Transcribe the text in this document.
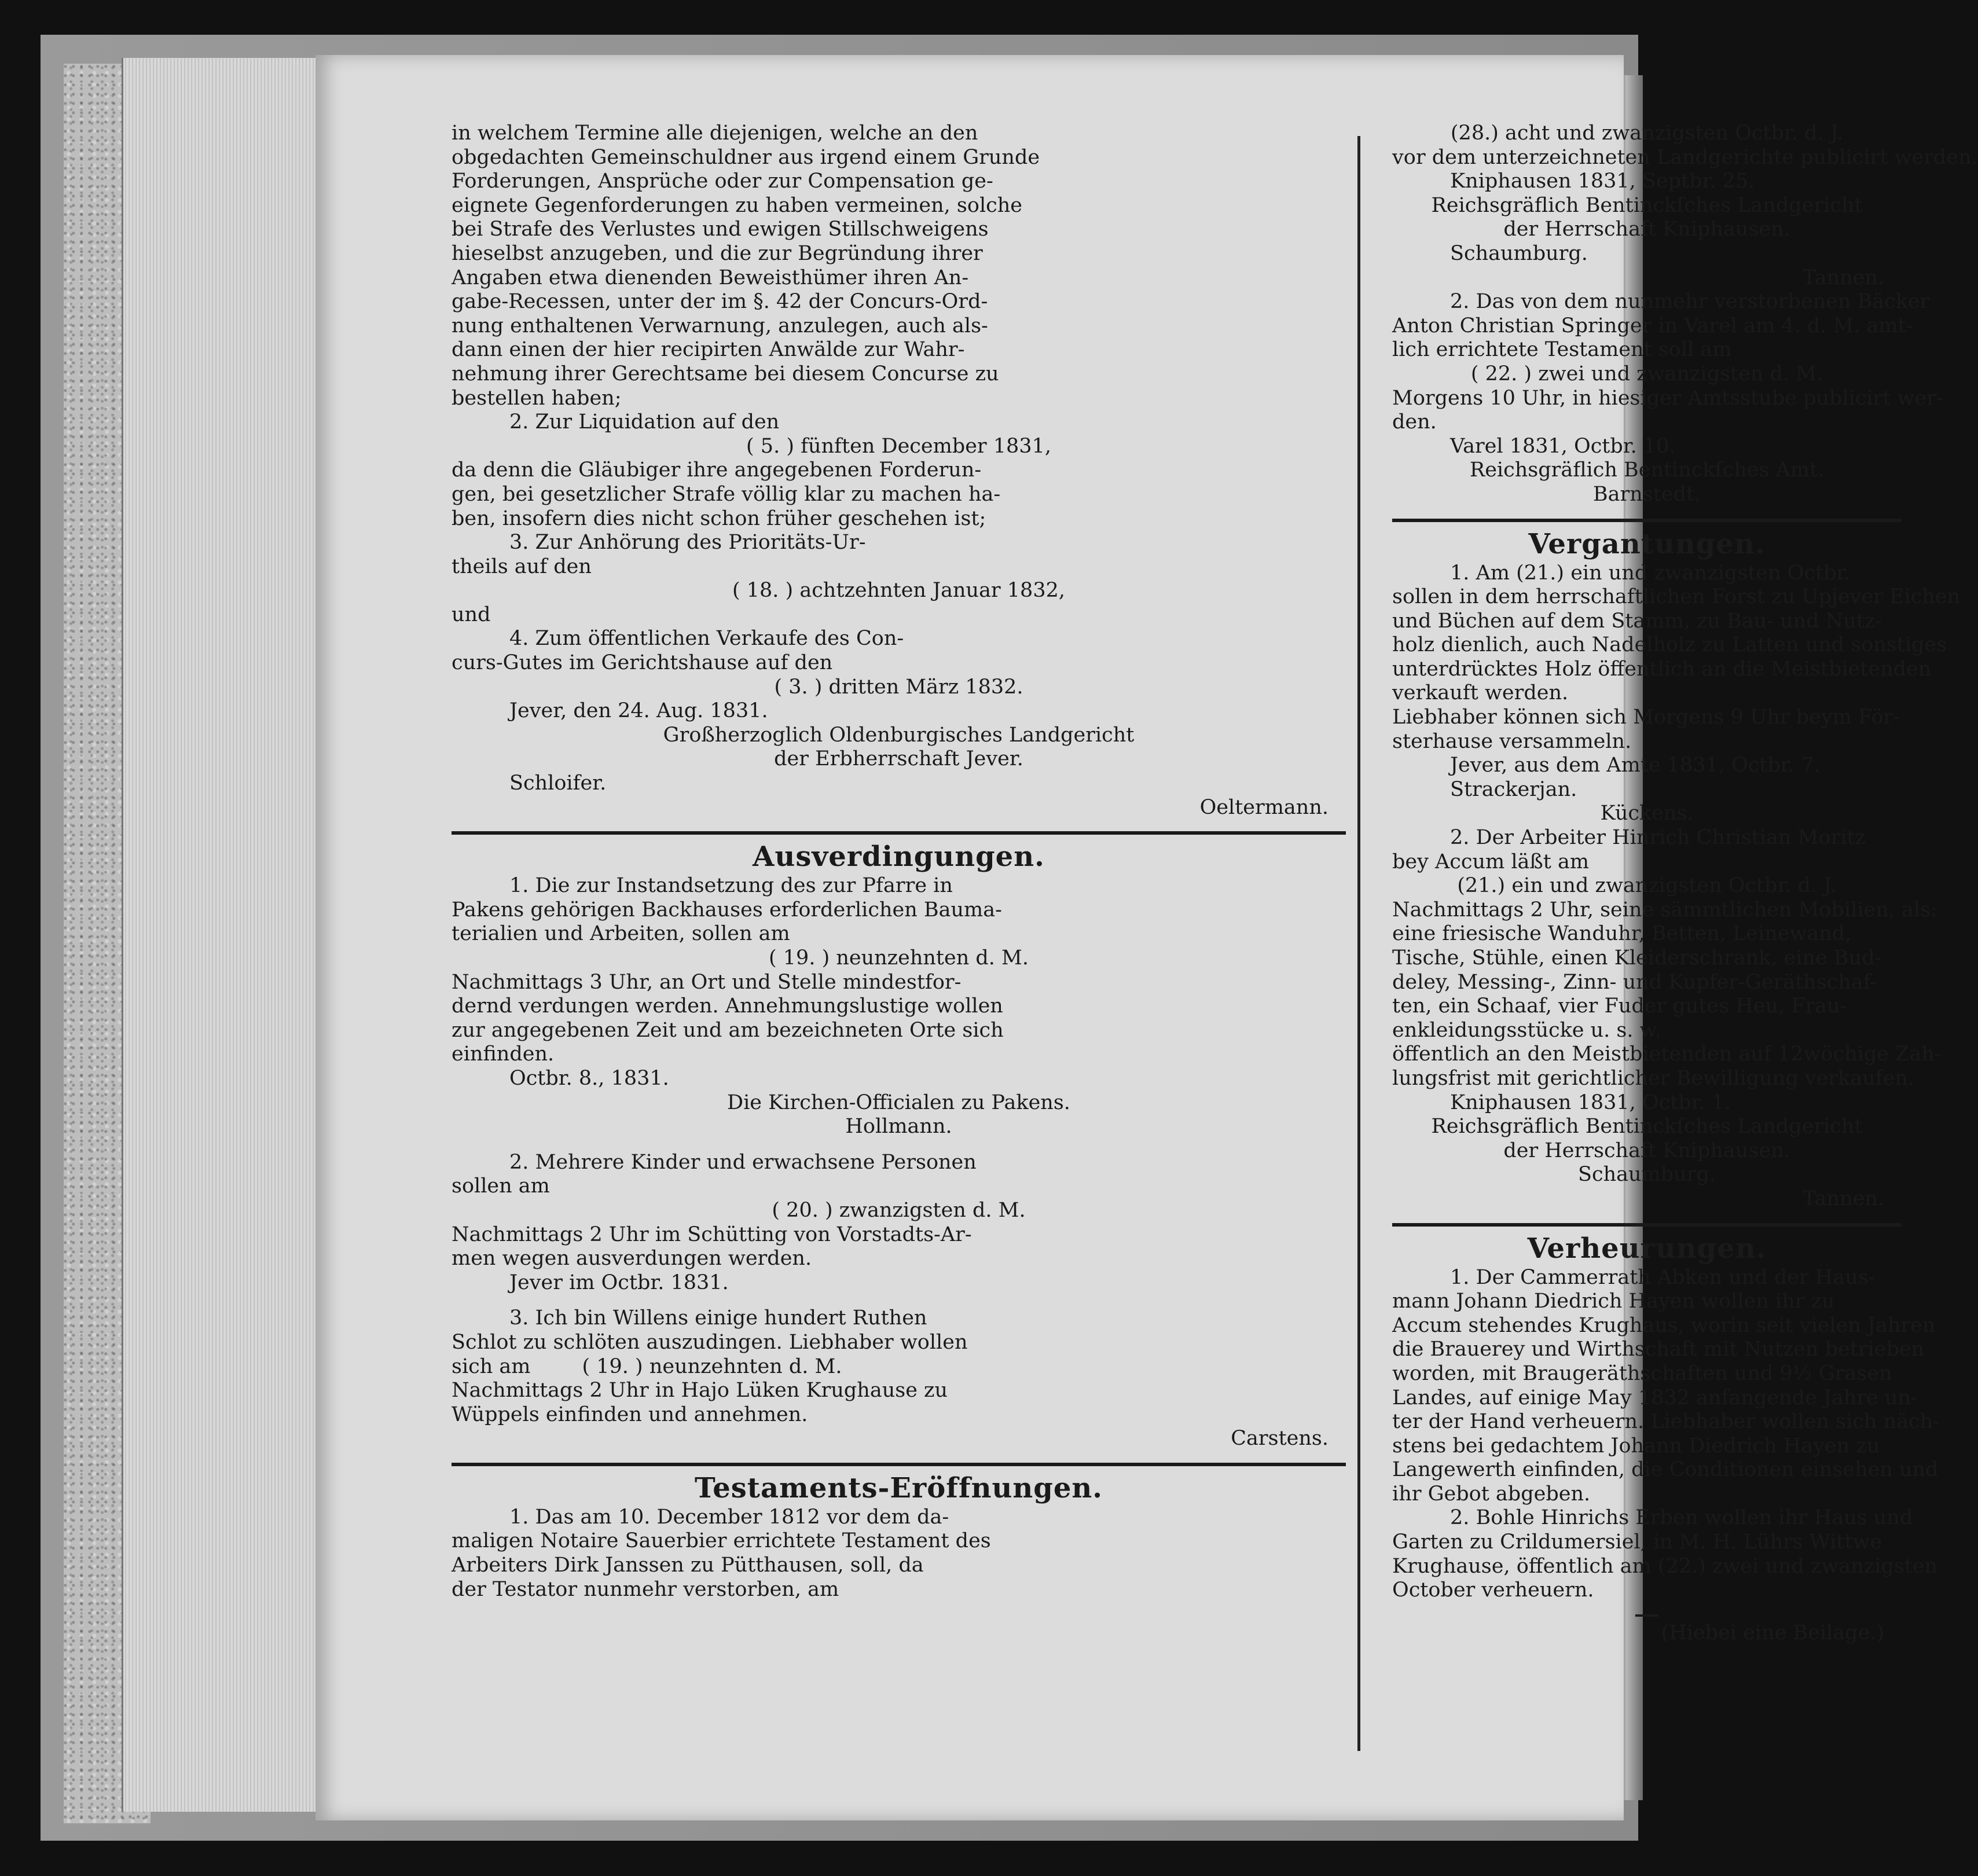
in welchem Termine alle diejenigen, welche an den
obgedachten Gemeinschuldner aus irgend einem Grunde
Forderungen, Ansprüche oder zur Compensation ge-
eignete Gegenforderungen zu haben vermeinen, solche
bei Strafe des Verlustes und ewigen Stillschweigens
hieselbst anzugeben, und die zur Begründung ihrer
Angaben etwa dienenden Beweisthümer ihren An-
gabe-Recessen, unter der im §. 42 der Concurs-Ord-
nung enthaltenen Verwarnung, anzulegen, auch als-
dann einen der hier recipirten Anwälde zur Wahr-
nehmung ihrer Gerechtsame bei diesem Concurse zu
bestellen haben;
2. Zur Liquidation auf den
( 5. ) fünften December 1831,
da denn die Gläubiger ihre angegebenen Forderun-
gen, bei gesetzlicher Strafe völlig klar zu machen ha-
ben, insofern dies nicht schon früher geschehen ist;
3. Zur Anhörung des Prioritäts-Ur-
theils auf den
( 18. ) achtzehnten Januar 1832,
und
4. Zum öffentlichen Verkaufe des Con-
curs-Gutes im Gerichtshause auf den
( 3. ) dritten März 1832.
Jever, den 24. Aug. 1831.
Großherzoglich Oldenburgisches Landgericht
der Erbherrschaft Jever.
Schloifer.
Oeltermann.
Ausverdingungen.
1. Die zur Instandsetzung des zur Pfarre in
Pakens gehörigen Backhauses erforderlichen Bauma-
terialien und Arbeiten, sollen am
( 19. ) neunzehnten d. M.
Nachmittags 3 Uhr, an Ort und Stelle mindestfor-
dernd verdungen werden. Annehmungslustige wollen
zur angegebenen Zeit und am bezeichneten Orte sich
einfinden.
Octbr. 8., 1831.
Die Kirchen-Officialen zu Pakens.
Hollmann.
2. Mehrere Kinder und erwachsene Personen
sollen am
( 20. ) zwanzigsten d. M.
Nachmittags 2 Uhr im Schütting von Vorstadts-Ar-
men wegen ausverdungen werden.
Jever im Octbr. 1831.
3. Ich bin Willens einige hundert Ruthen
Schlot zu schlöten auszudingen. Liebhaber wollen
sich am        ( 19. ) neunzehnten d. M.
Nachmittags 2 Uhr in Hajo Lüken Krughause zu
Wüppels einfinden und annehmen.
Carstens.
Testaments-Eröffnungen.
1. Das am 10. December 1812 vor dem da-
maligen Notaire Sauerbier errichtete Testament des
Arbeiters Dirk Janssen zu Pütthausen, soll, da
der Testator nunmehr verstorben, am
(28.) acht und zwanzigsten Octbr. d. J.
vor dem unterzeichneten Landgerichte publicirt werden.
Kniphausen 1831, Septbr. 25.
Reichsgräflich Bentinckſches Landgericht
der Herrschaft Kniphausen.
Schaumburg.
Tannen.
2. Das von dem nunmehr verstorbenen Bäcker
Anton Christian Springer in Varel am 4. d. M. amt-
lich errichtete Testament soll am
( 22. ) zwei und zwanzigsten d. M.
Morgens 10 Uhr, in hiesiger Amtsstube publicirt wer-
den.
Varel 1831, Octbr. 10.
Reichsgräflich Bentinckſches Amt.
Barnstedt.
Vergantungen.
1. Am (21.) ein und zwanzigsten Octbr.
sollen in dem herrschaftlichen Forst zu Upjever Eichen
und Büchen auf dem Stamm, zu Bau- und Nutz-
holz dienlich, auch Nadelholz zu Latten und sonstiges
unterdrücktes Holz öffentlich an die Meistbietenden
verkauft werden.
Liebhaber können sich Morgens 9 Uhr beym För-
sterhause versammeln.
Jever, aus dem Amte 1831, Octbr. 7.
Strackerjan.
Kückens.
2. Der Arbeiter Hinrich Christian Moritz
bey Accum läßt am
(21.) ein und zwanzigsten Octbr. d. J.
Nachmittags 2 Uhr, seine sämmtlichen Mobilien, als:
eine friesische Wanduhr, Betten, Leinewand,
Tische, Stühle, einen Kleiderschrank, eine Bud-
deley, Messing-, Zinn- und Kupfer-Geräthschaf-
ten, ein Schaaf, vier Fuder gutes Heu, Frau-
enkleidungsstücke u. s. w.
öffentlich an den Meistbietenden auf 12wöchige Zah-
lungsfrist mit gerichtlicher Bewilligung verkaufen.
Kniphausen 1831, Octbr. 1.
Reichsgräflich Bentinckſches Landgericht
der Herrschaft Kniphausen.
Schaumburg.
Tannen.
Verheurungen.
1. Der Cammerrath Abken und der Haus-
mann Johann Diedrich Hayen wollen ihr zu
Accum stehendes Krughaus, worin seit vielen Jahren
die Brauerey und Wirthschaft mit Nutzen betrieben
worden, mit Braugeräthschaften und 9½ Grasen
Landes, auf einige May 1832 anfangende Jahre un-
ter der Hand verheuern. Liebhaber wollen sich näch-
stens bei gedachtem Johann Diedrich Hayen zu
Langewerth einfinden, die Conditionen einsehen und
ihr Gebot abgeben.
2. Bohle Hinrichs Erben wollen ihr Haus und
Garten zu Crildumersiel, in M. H. Lührs Wittwe
Krughause, öffentlich am (22.) zwei und zwanzigsten
October verheuern.
(Hiebei eine Beilage.)
